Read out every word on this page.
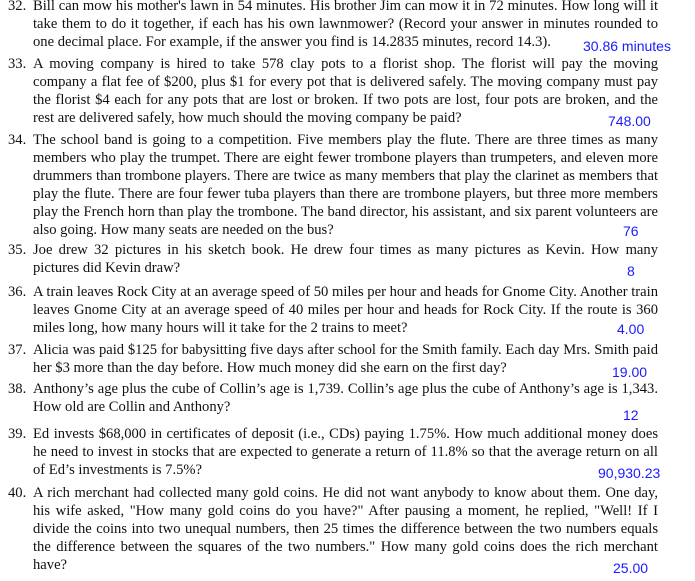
32. Bill can mow his mother's lawn in 54 minutes. His brother Jim can mow it in 72 minutes. How long will it take them to do it together, if each has his own lawnmower? (Record your answer in minutes rounded to one decimal place. For example, if the answer you find is 14.2835 minutes, record 14.3).	30.86 minutes
33. A moving company is hired to take 578 clay pots to a florist shop. The florist will pay the moving company a flat fee of $200, plus $1 for every pot that is delivered safely. The moving company must pay the florist $4 each for any pots that are lost or broken. If two pots are lost, four pots are broken, and the rest are delivered safely, how much should the moving company be paid?	748.00
34. The school band is going to a competition. Five members play the flute. There are three times as many members who play the trumpet. There are eight fewer trombone players than trumpeters, and eleven more drummers than trombone players. There are twice as many members that play the clarinet as members that play the flute. There are four fewer tuba players than there are trombone players, but three more members play the French horn than play the trombone. The band director, his assistant, and six parent volunteers are also going. How many seats are needed on the bus?	76
35. Joe drew 32 pictures in his sketch book. He drew four times as many pictures as Kevin. How many pictures did Kevin draw?	8
36. A train leaves Rock City at an average speed of 50 miles per hour and heads for Gnome City. Another train leaves Gnome City at an average speed of 40 miles per hour and heads for Rock City. If the route is 360 miles long, how many hours will it take for the 2 trains to meet?	4.00
37. Alicia was paid $125 for babysitting five days after school for the Smith family. Each day Mrs. Smith paid her $3 more than the day before. How much money did she earn on the first day?	19.00
38. Anthony’s age plus the cube of Collin’s age is 1,739. Collin’s age plus the cube of Anthony’s age is 1,343. How old are Collin and Anthony?	12
39. Ed invests $68,000 in certificates of deposit (i.e., CDs) paying 1.75%. How much additional money does he need to invest in stocks that are expected to generate a return of 11.8% so that the average return on all of Ed’s investments is 7.5%?	90,930.23
40. A rich merchant had collected many gold coins. He did not want anybody to know about them. One day, his wife asked, "How many gold coins do you have?" After pausing a moment, he replied, "Well! If I divide the coins into two unequal numbers, then 25 times the difference between the two numbers equals the difference between the squares of the two numbers." How many gold coins does the rich merchant have?	25.00
